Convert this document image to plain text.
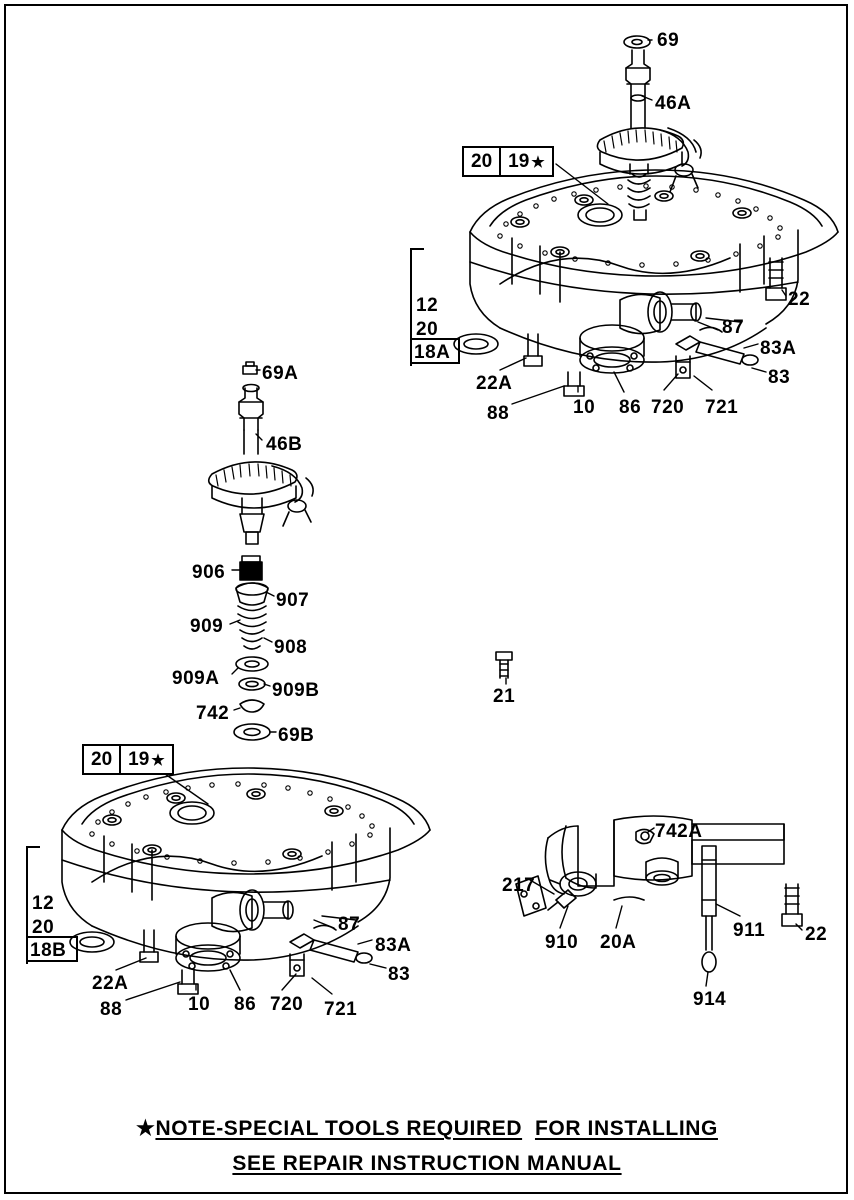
20 19 ★
20 19 ★
12
20
18A
12
20
18B
69
46A
22
87
83A
83
22A
88	10 86 720 721
69A
46B
906
907
909
908
909A
909B
742
69B
21
22A
88	10 86 720 721
87
83A
83
742A
217
910 20A
911
914
22
★NOTE-SPECIAL TOOLS REQUIRED FOR INSTALLING
SEE REPAIR INSTRUCTION MANUAL
